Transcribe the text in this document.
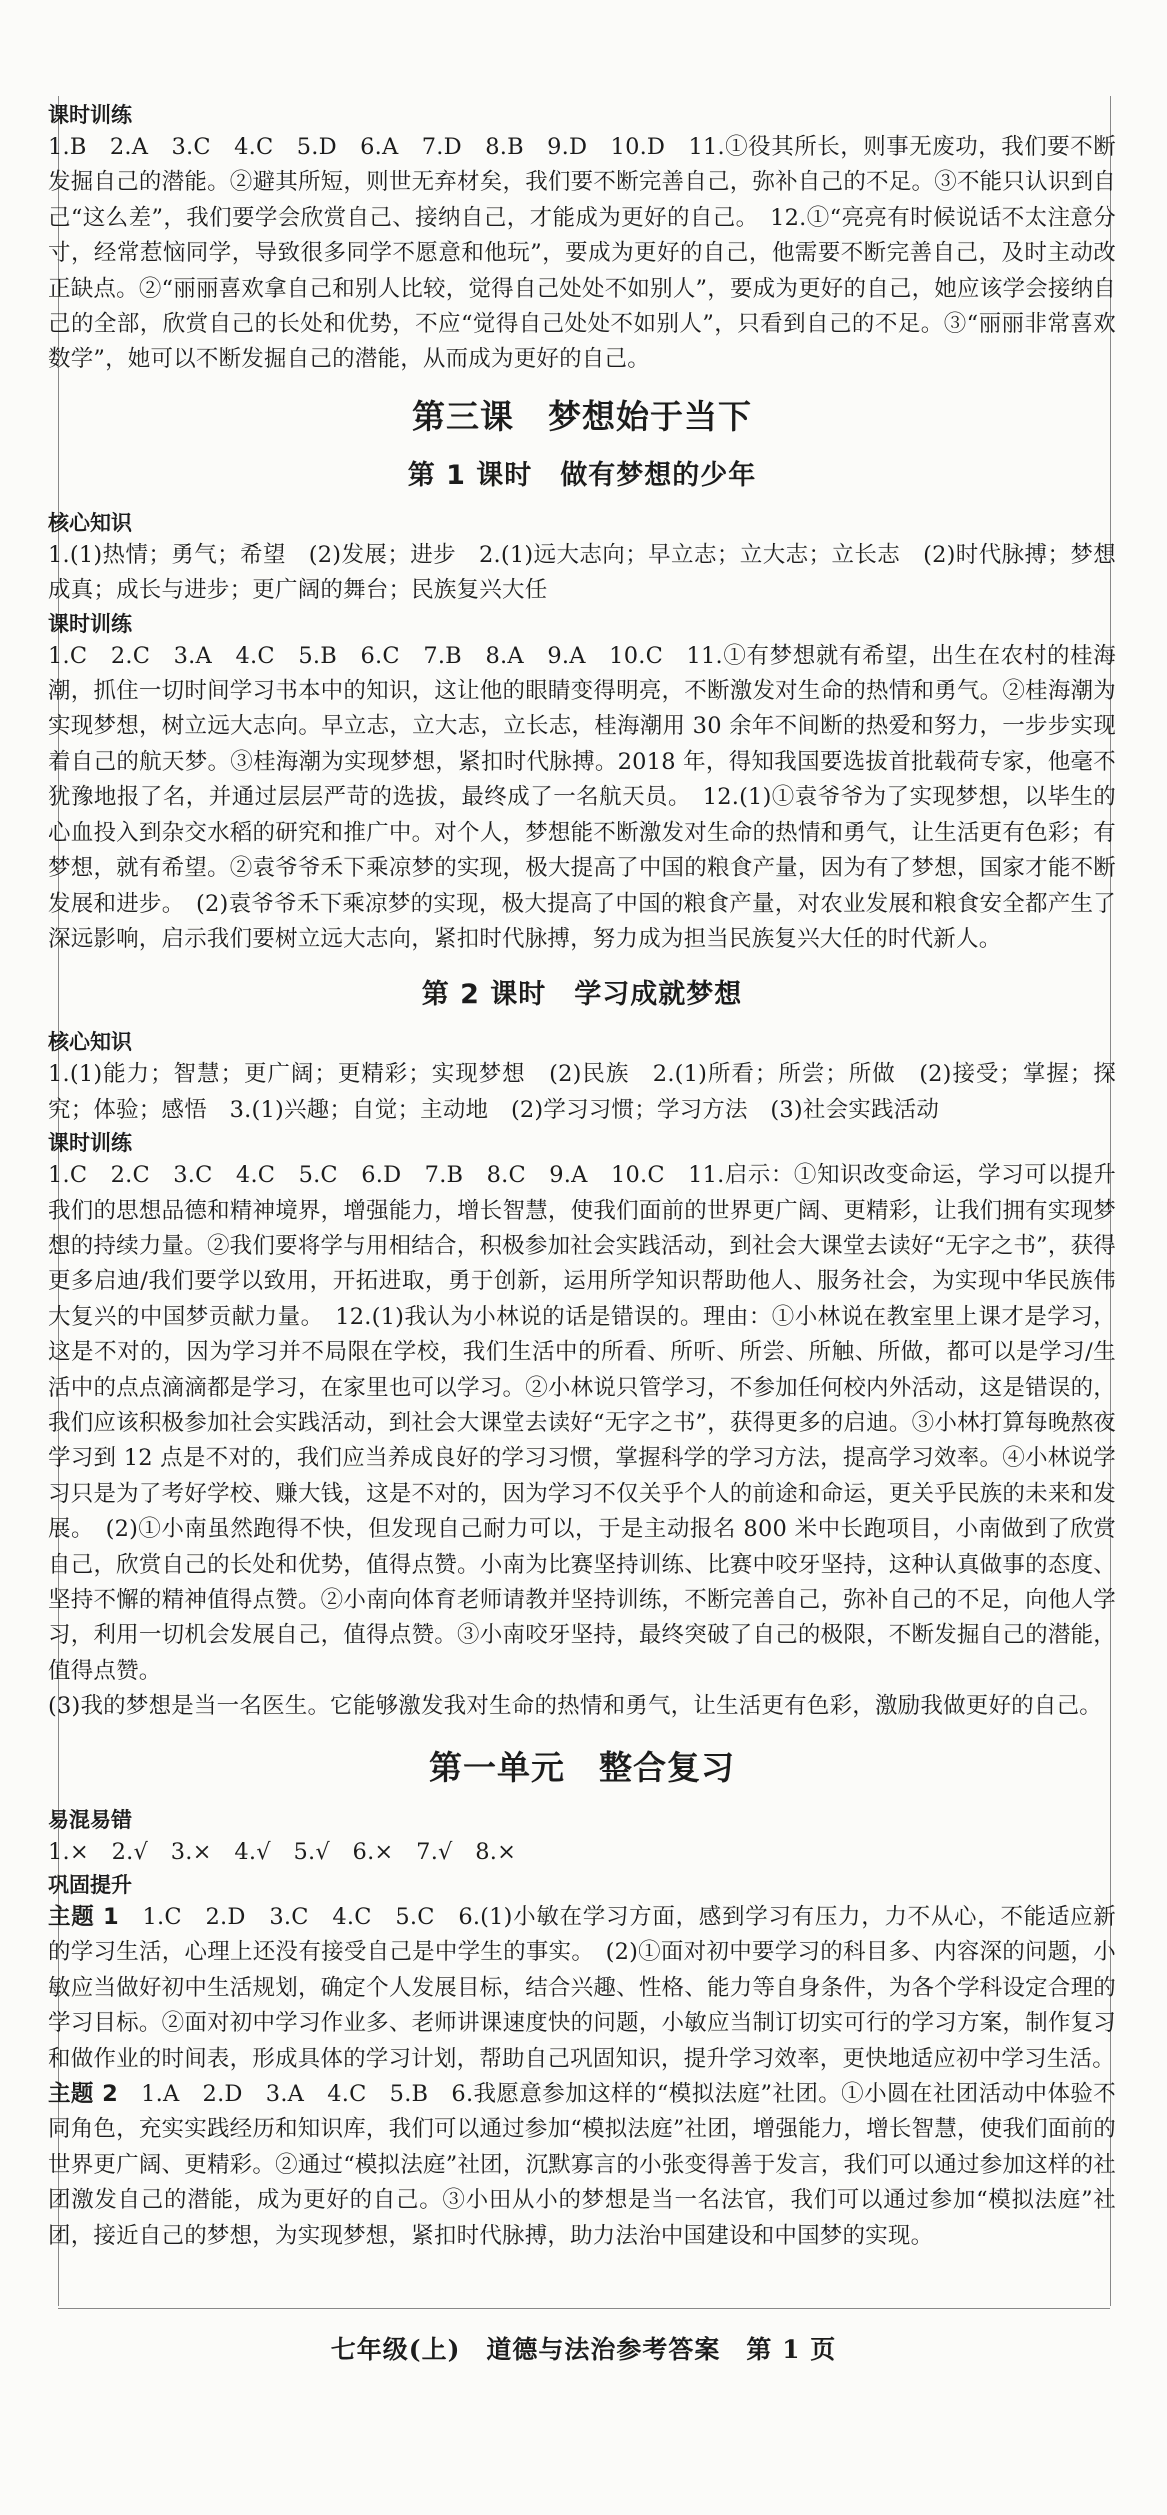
课时训练

1.B　2.A　3.C　4.C　5.D　6.A　7.D　8.B　9.D　10.D　11.①役其所长，则事无废功，我们要不断发掘自己的潜能。②避其所短，则世无弃材矣，我们要不断完善自己，弥补自己的不足。③不能只认识到自己“这么差”，我们要学会欣赏自己、接纳自己，才能成为更好的自己。　12.①“亮亮有时候说话不太注意分寸，经常惹恼同学，导致很多同学不愿意和他玩”，要成为更好的自己，他需要不断完善自己，及时主动改正缺点。②“丽丽喜欢拿自己和别人比较，觉得自己处处不如别人”，要成为更好的自己，她应该学会接纳自己的全部，欣赏自己的长处和优势，不应“觉得自己处处不如别人”，只看到自己的不足。③“丽丽非常喜欢数学”，她可以不断发掘自己的潜能，从而成为更好的自己。

第三课　梦想始于当下

第 1 课时　做有梦想的少年

核心知识

1.(1)热情；勇气；希望　(2)发展；进步　2.(1)远大志向；早立志；立大志；立长志　(2)时代脉搏；梦想成真；成长与进步；更广阔的舞台；民族复兴大任

课时训练

1.C　2.C　3.A　4.C　5.B　6.C　7.B　8.A　9.A　10.C　11.①有梦想就有希望，出生在农村的桂海潮，抓住一切时间学习书本中的知识，这让他的眼睛变得明亮，不断激发对生命的热情和勇气。②桂海潮为实现梦想，树立远大志向。早立志，立大志，立长志，桂海潮用 30 余年不间断的热爱和努力，一步步实现着自己的航天梦。③桂海潮为实现梦想，紧扣时代脉搏。2018 年，得知我国要选拔首批载荷专家，他毫不犹豫地报了名，并通过层层严苛的选拔，最终成了一名航天员。　12.(1)①袁爷爷为了实现梦想，以毕生的心血投入到杂交水稻的研究和推广中。对个人，梦想能不断激发对生命的热情和勇气，让生活更有色彩；有梦想，就有希望。②袁爷爷禾下乘凉梦的实现，极大提高了中国的粮食产量，因为有了梦想，国家才能不断发展和进步。　(2)袁爷爷禾下乘凉梦的实现，极大提高了中国的粮食产量，对农业发展和粮食安全都产生了深远影响，启示我们要树立远大志向，紧扣时代脉搏，努力成为担当民族复兴大任的时代新人。

第 2 课时　学习成就梦想

核心知识

1.(1)能力；智慧；更广阔；更精彩；实现梦想　(2)民族　2.(1)所看；所尝；所做　(2)接受；掌握；探究；体验；感悟　3.(1)兴趣；自觉；主动地　(2)学习习惯；学习方法　(3)社会实践活动

课时训练

1.C　2.C　3.C　4.C　5.C　6.D　7.B　8.C　9.A　10.C　11.启示：①知识改变命运，学习可以提升我们的思想品德和精神境界，增强能力，增长智慧，使我们面前的世界更广阔、更精彩，让我们拥有实现梦想的持续力量。②我们要将学与用相结合，积极参加社会实践活动，到社会大课堂去读好“无字之书”，获得更多启迪/我们要学以致用，开拓进取，勇于创新，运用所学知识帮助他人、服务社会，为实现中华民族伟大复兴的中国梦贡献力量。　12.(1)我认为小林说的话是错误的。理由：①小林说在教室里上课才是学习，这是不对的，因为学习并不局限在学校，我们生活中的所看、所听、所尝、所触、所做，都可以是学习/生活中的点点滴滴都是学习，在家里也可以学习。②小林说只管学习，不参加任何校内外活动，这是错误的，我们应该积极参加社会实践活动，到社会大课堂去读好“无字之书”，获得更多的启迪。③小林打算每晚熬夜学习到 12 点是不对的，我们应当养成良好的学习习惯，掌握科学的学习方法，提高学习效率。④小林说学习只是为了考好学校、赚大钱，这是不对的，因为学习不仅关乎个人的前途和命运，更关乎民族的未来和发展。　(2)①小南虽然跑得不快，但发现自己耐力可以，于是主动报名 800 米中长跑项目，小南做到了欣赏自己，欣赏自己的长处和优势，值得点赞。小南为比赛坚持训练、比赛中咬牙坚持，这种认真做事的态度、坚持不懈的精神值得点赞。②小南向体育老师请教并坚持训练，不断完善自己，弥补自己的不足，向他人学习，利用一切机会发展自己，值得点赞。③小南咬牙坚持，最终突破了自己的极限，不断发掘自己的潜能，值得点赞。

(3)我的梦想是当一名医生。它能够激发我对生命的热情和勇气，让生活更有色彩，激励我做更好的自己。

第一单元　整合复习

易混易错

1.×　2.√　3.×　4.√　5.√　6.×　7.√　8.×

巩固提升

主题 1　1.C　2.D　3.C　4.C　5.C　6.(1)小敏在学习方面，感到学习有压力，力不从心，不能适应新的学习生活，心理上还没有接受自己是中学生的事实。　(2)①面对初中要学习的科目多、内容深的问题，小敏应当做好初中生活规划，确定个人发展目标，结合兴趣、性格、能力等自身条件，为各个学科设定合理的学习目标。②面对初中学习作业多、老师讲课速度快的问题，小敏应当制订切实可行的学习方案，制作复习和做作业的时间表，形成具体的学习计划，帮助自己巩固知识，提升学习效率，更快地适应初中学习生活。

主题 2　1.A　2.D　3.A　4.C　5.B　6.我愿意参加这样的“模拟法庭”社团。①小圆在社团活动中体验不同角色，充实实践经历和知识库，我们可以通过参加“模拟法庭”社团，增强能力，增长智慧，使我们面前的世界更广阔、更精彩。②通过“模拟法庭”社团，沉默寡言的小张变得善于发言，我们可以通过参加这样的社团激发自己的潜能，成为更好的自己。③小田从小的梦想是当一名法官，我们可以通过参加“模拟法庭”社团，接近自己的梦想，为实现梦想，紧扣时代脉搏，助力法治中国建设和中国梦的实现。

七年级(上)　道德与法治参考答案　第 1 页
